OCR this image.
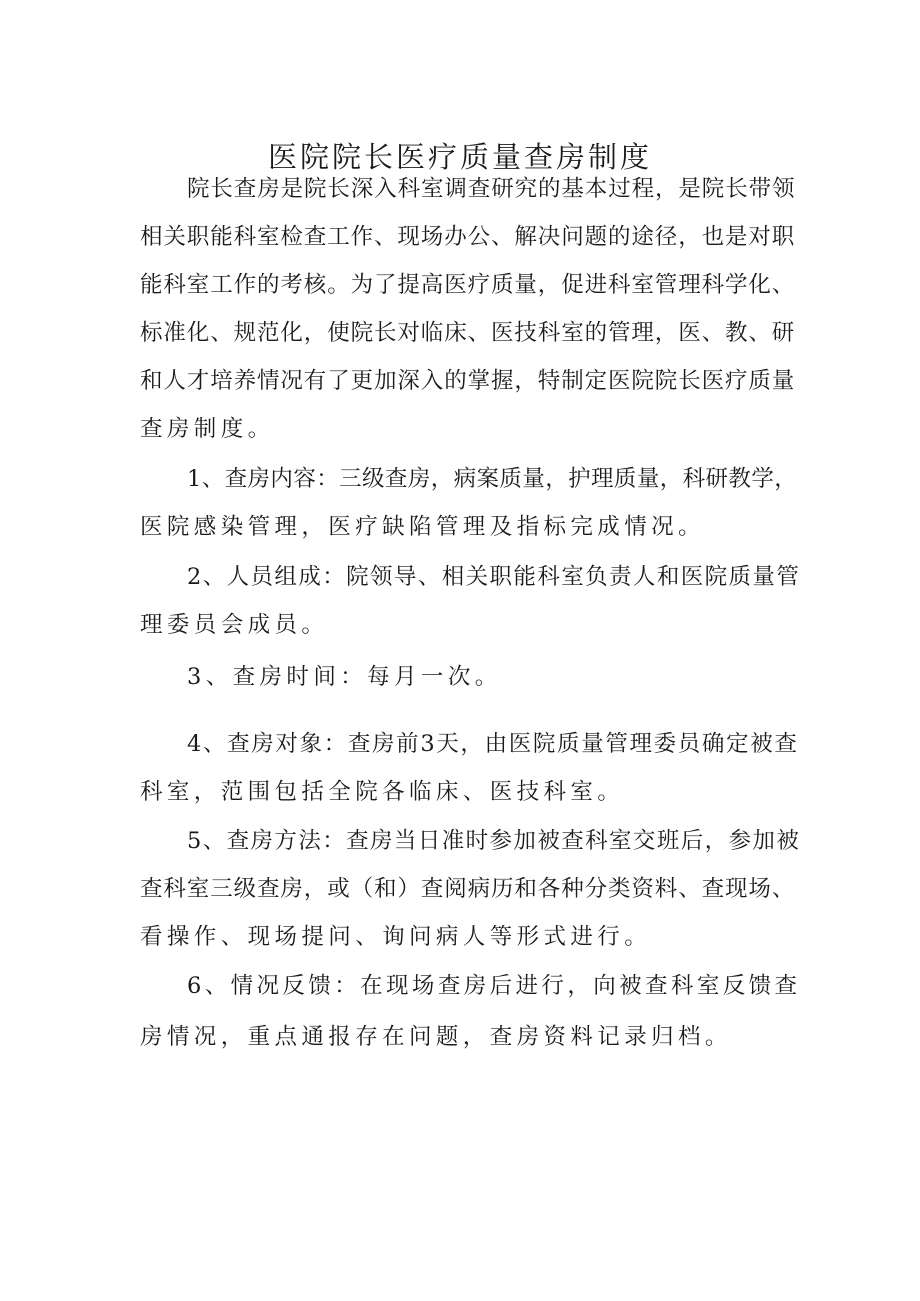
医院院长医疗质量查房制度
院长查房是院长深入科室调查研究的基本过程，是院长带领
相关职能科室检查工作、现场办公、解决问题的途径，也是对职
能科室工作的考核。为了提高医疗质量，促进科室管理科学化、
标准化、规范化，使院长对临床、医技科室的管理，医、教、研
和人才培养情况有了更加深入的掌握，特制定医院院长医疗质量
查房制度。
1、查房内容：三级查房，病案质量，护理质量，科研教学，
医院感染管理，医疗缺陷管理及指标完成情况。
2、人员组成：院领导、相关职能科室负责人和医院质量管
理委员会成员。
3、查房时间：每月一次。
4、查房对象：查房前3天，由医院质量管理委员确定被查
科室，范围包括全院各临床、医技科室。
5、查房方法：查房当日准时参加被查科室交班后，参加被
查科室三级查房，或（和）查阅病历和各种分类资料、查现场、
看操作、现场提问、询问病人等形式进行。
6、情况反馈：在现场查房后进行，向被查科室反馈查
房情况，重点通报存在问题，查房资料记录归档。
